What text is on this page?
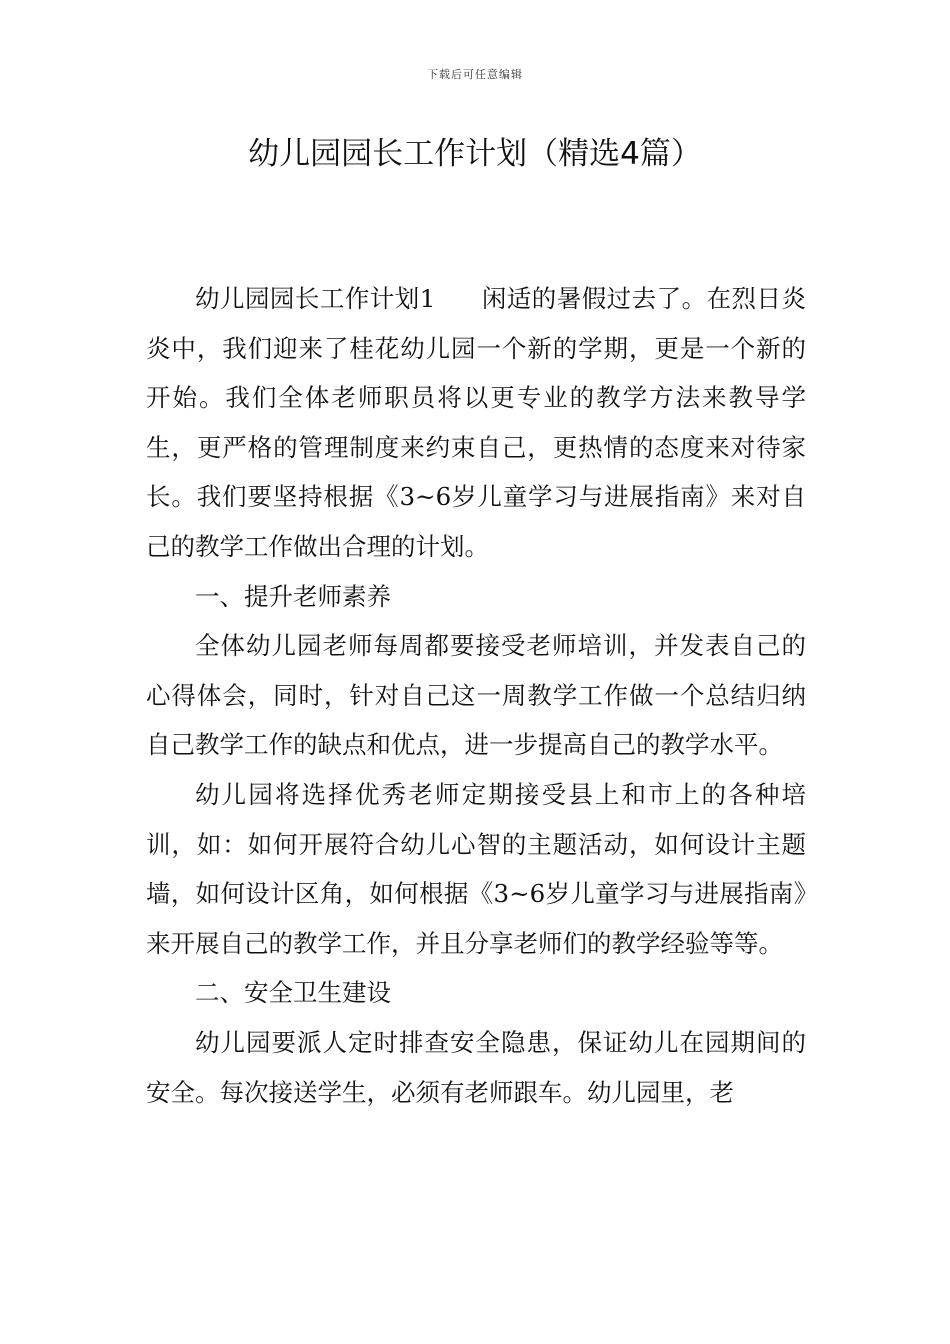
下载后可任意编辑
幼儿园园长工作计划（精选4篇）

幼儿园园长工作计划1 闲适的暑假过去了。在烈日炎炎中，我们迎来了桂花幼儿园一个新的学期，更是一个新的开始。我们全体老师职员将以更专业的教学方法来教导学生，更严格的管理制度来约束自己，更热情的态度来对待家长。我们要坚持根据《3~6岁儿童学习与进展指南》来对自己的教学工作做出合理的计划。

一、提升老师素养

全体幼儿园老师每周都要接受老师培训，并发表自己的心得体会，同时，针对自己这一周教学工作做一个总结归纳自己教学工作的缺点和优点，进一步提高自己的教学水平。

幼儿园将选择优秀老师定期接受县上和市上的各种培训，如：如何开展符合幼儿心智的主题活动，如何设计主题墙，如何设计区角，如何根据《3~6岁儿童学习与进展指南》来开展自己的教学工作，并且分享老师们的教学经验等等。

二、安全卫生建设

幼儿园要派人定时排查安全隐患，保证幼儿在园期间的安全。每次接送学生，必须有老师跟车。幼儿园里，老
